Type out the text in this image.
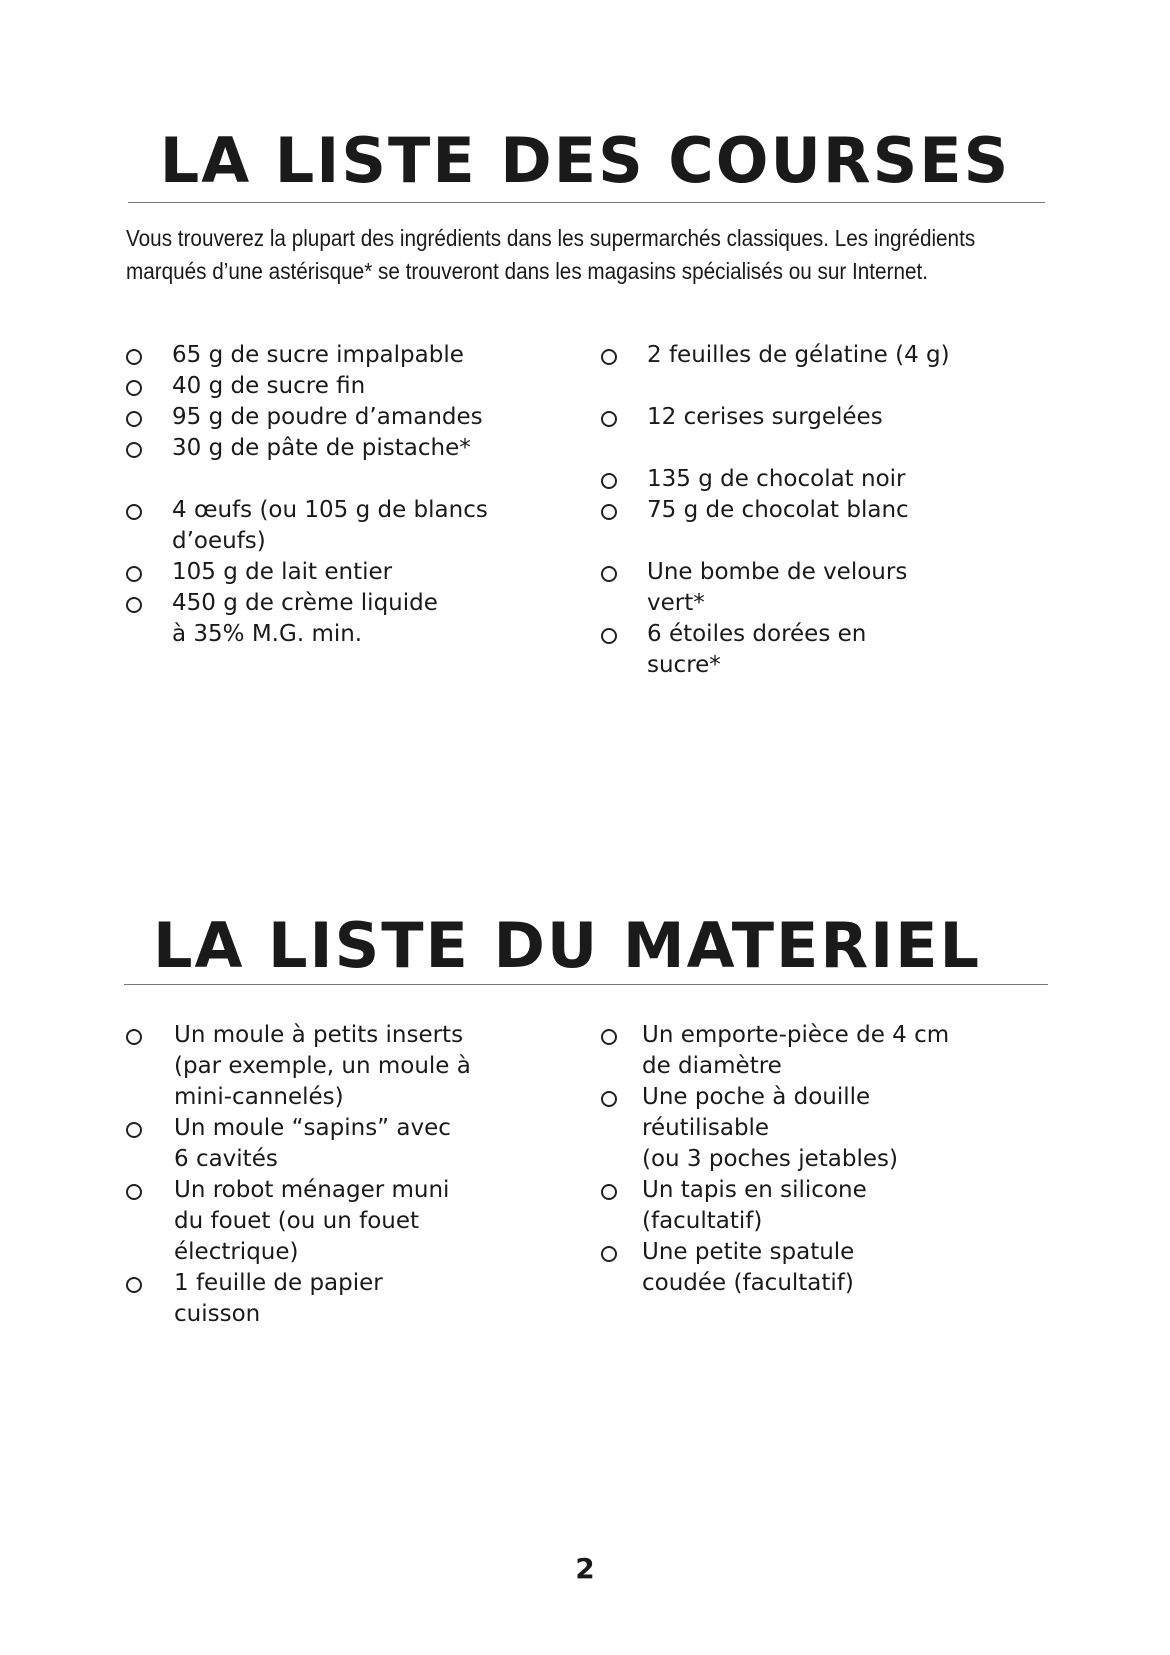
LA LISTE DES COURSES
Vous trouverez la plupart des ingrédients dans les supermarchés classiques. Les ingrédients marqués d’une astérisque* se trouveront dans les magasins spécialisés ou sur Internet.
65 g de sucre impalpable
40 g de sucre fin
95 g de poudre d’amandes
30 g de pâte de pistache*
4 œufs (ou 105 g de blancs
d’oeufs)
105 g de lait entier
450 g de crème liquide
à 35% M.G. min.
2 feuilles de gélatine (4 g)
12 cerises surgelées
135 g de chocolat noir
75 g de chocolat blanc
Une bombe de velours
vert*
6 étoiles dorées en
sucre*
LA LISTE DU MATERIEL
Un moule à petits inserts
(par exemple, un moule à
mini-cannelés)
Un moule “sapins” avec
6 cavités
Un robot ménager muni
du fouet (ou un fouet
électrique)
1 feuille de papier
cuisson
Un emporte-pièce de 4 cm
de diamètre
Une poche à douille
réutilisable
(ou 3 poches jetables)
Un tapis en silicone
(facultatif)
Une petite spatule
coudée (facultatif)
2
